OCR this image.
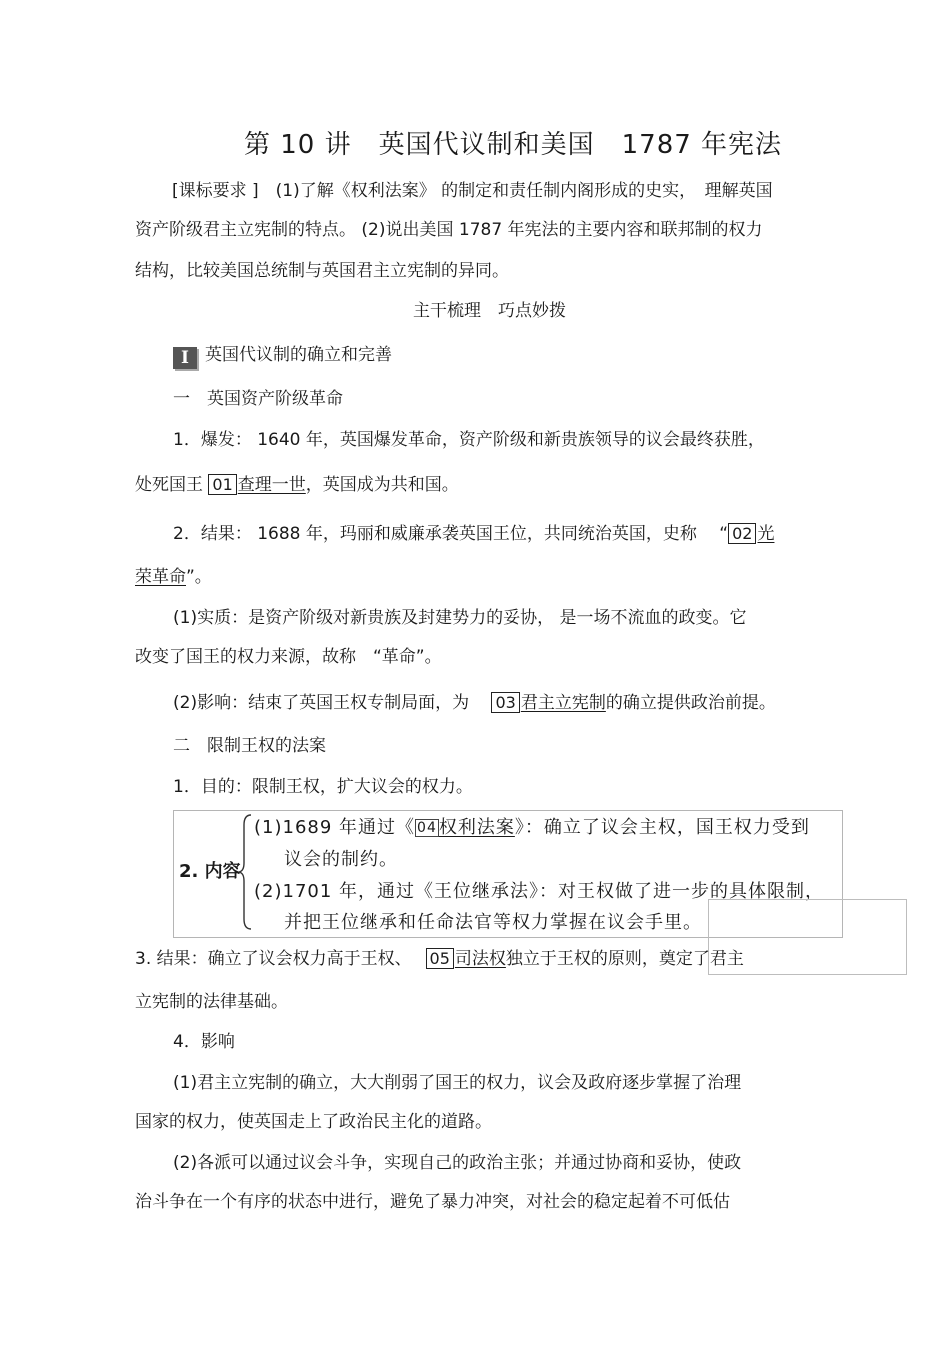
第 10 讲　英国代议制和美国　1787 年宪法
[课标要求 ]　(1)了解《权利法案》 的制定和责任制内阁形成的史实，　理解英国
资产阶级君主立宪制的特点。 (2)说出美国 1787 年宪法的主要内容和联邦制的权力
结构，比较美国总统制与英国君主立宪制的异同。
主干梳理　巧点妙拨
I 英国代议制的确立和完善
一　英国资产阶级革命
1．爆发： 1640 年，英国爆发革命，资产阶级和新贵族领导的议会最终获胜，
处死国王 01 查理一世，英国成为共和国。
2．结果： 1688 年，玛丽和威廉承袭英国王位，共同统治英国，史称　 “ 02 光
荣革命”。
(1)实质：是资产阶级对新贵族及封建势力的妥协， 是一场不流血的政变。它
改变了国王的权力来源，故称　“革命”。
(2)影响：结束了英国王权专制局面，为　 03 君主立宪制的确立提供政治前提。
二　限制王权的法案
1．目的：限制王权，扩大议会的权力。
2. 内容
(1)1689 年通过《 04 权利法案》：确立了议会主权，国王权力受到
议会的制约。
(2)1701 年，通过《王位继承法》：对王权做了进一步的具体限制，
并把王位继承和任命法官等权力掌握在议会手里。
3. 结果：确立了议会权力高于王权、　 05 司法权独立于王权的原则，奠定了君主
立宪制的法律基础。
4．影响
(1)君主立宪制的确立，大大削弱了国王的权力，议会及政府逐步掌握了治理
国家的权力，使英国走上了政治民主化的道路。
(2)各派可以通过议会斗争，实现自己的政治主张；并通过协商和妥协，使政
治斗争在一个有序的状态中进行，避免了暴力冲突，对社会的稳定起着不可低估
